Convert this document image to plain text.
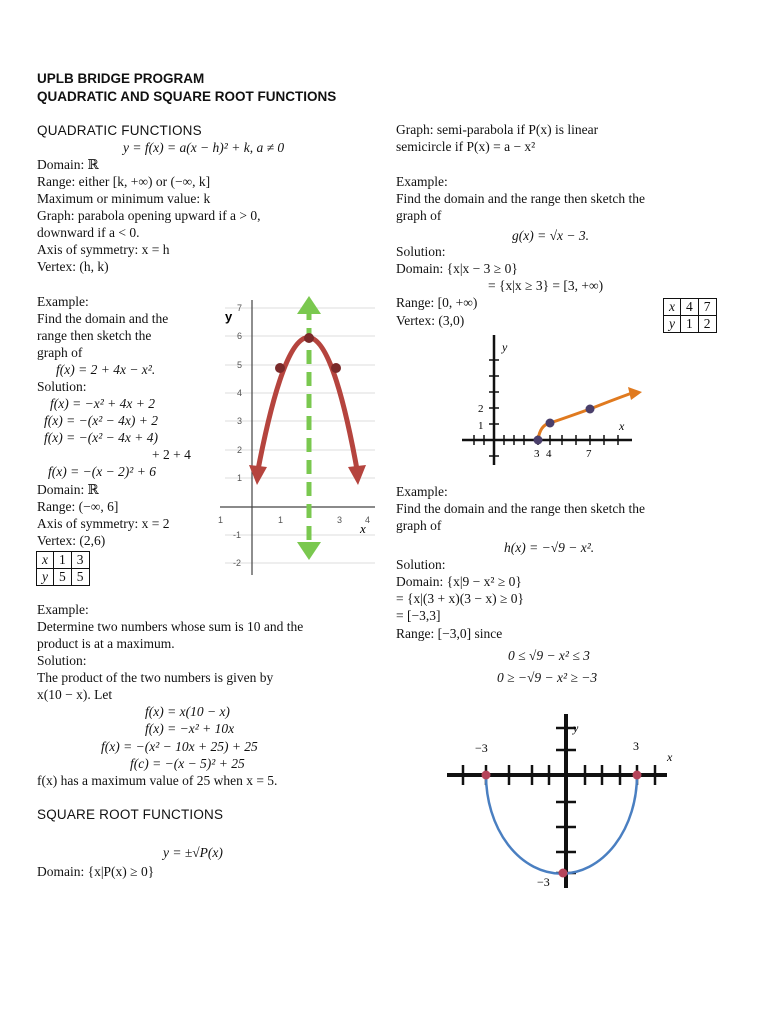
UPLB BRIDGE PROGRAM
QUADRATIC AND SQUARE ROOT FUNCTIONS
QUADRATIC FUNCTIONS
y = f(x) = a(x − h)² + k, a ≠ 0
Domain: ℝ
Range: either [k, +∞) or (−∞, k]
Maximum or minimum value: k
Graph: parabola opening upward if a > 0,
downward if a < 0.
Axis of symmetry: x = h
Vertex: (h, k)
Example:
Find the domain and the
range then sketch the
graph of
f(x) = 2 + 4x − x².
Solution:
f(x) = −x² + 4x + 2
f(x) = −(x² − 4x) + 2
f(x) = −(x² − 4x + 4)
+ 2 + 4
f(x) = −(x − 2)² + 6
Domain: ℝ
Range: (−∞, 6]
Axis of symmetry: x = 2
Vertex: (2,6)
x	1	3
y	5	5
y
x
7
6
5
4
3
2
1
-1
-2
1	1	3	4
Example:
Determine two numbers whose sum is 10 and the
product is at a maximum.
Solution:
The product of the two numbers is given by
x(10 − x). Let
f(x) = x(10 − x)
f(x) = −x² + 10x
f(x) = −(x² − 10x + 25) + 25
f(c) = −(x − 5)² + 25
f(x) has a maximum value of 25 when x = 5.
SQUARE ROOT FUNCTIONS
y = ±√P(x)
Domain: {x|P(x) ≥ 0}
Graph: semi-parabola if P(x) is linear
semicircle if P(x) = a − x²
Example:
Find the domain and the range then sketch the
graph of
g(x) = √x − 3.
Solution:
Domain: {x|x − 3 ≥ 0}
= {x|x ≥ 3} = [3, +∞)
Range: [0, +∞)
Vertex: (3,0)
x	4	7
y	1	2
y
x
2
1
3 4	7
Example:
Find the domain and the range then sketch the
graph of
h(x) = −√9 − x².
Solution:
Domain: {x|9 − x² ≥ 0}
= {x|(3 + x)(3 − x) ≥ 0}
= [−3,3]
Range: [−3,0] since
0 ≤ √9 − x² ≤ 3
0 ≥ −√9 − x² ≥ −3
y
x
−3	3
−3
